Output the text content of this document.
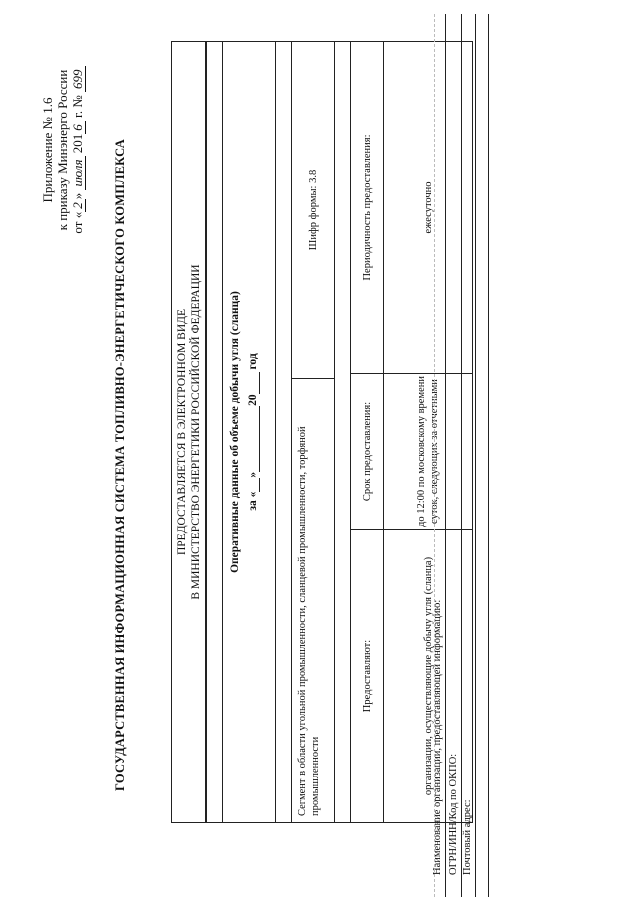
Приложение № 1.6 к приказу Минэнерго России от «2» июля 2016 г. № 699
ГОСУДАРСТВЕННАЯ ИНФОРМАЦИОННАЯ СИСТЕМА ТОПЛИВНО-ЭНЕРГЕТИЧЕСКОГО КОМПЛЕКСА	ПРЕДОСТАВЛЯЕТСЯ В ЭЛЕКТРОННОМ ВИДЕ В МИНИСТЕРСТВО ЭНЕРГЕТИКИ РОССИЙСКОЙ ФЕДЕРАЦИИ Оперативные данные об объеме добычи угля (сланца) за «»20 год
Сегмент в области угольной промышленности, сланцевой промышленности, торфяной промышленности
Шифр формы: 3.8
Предоставляют:	Срок предоставления:	Периодичность предоставления:
организации, осуществляющие добычу угля (сланца)	до 12:00 по московскому времени суток, следующих за отчетными	ежесуточно
Наименование организации, предоставляющей информацию: ОГРН/ИНН/Код по ОКПО: Почтовый адрес:
